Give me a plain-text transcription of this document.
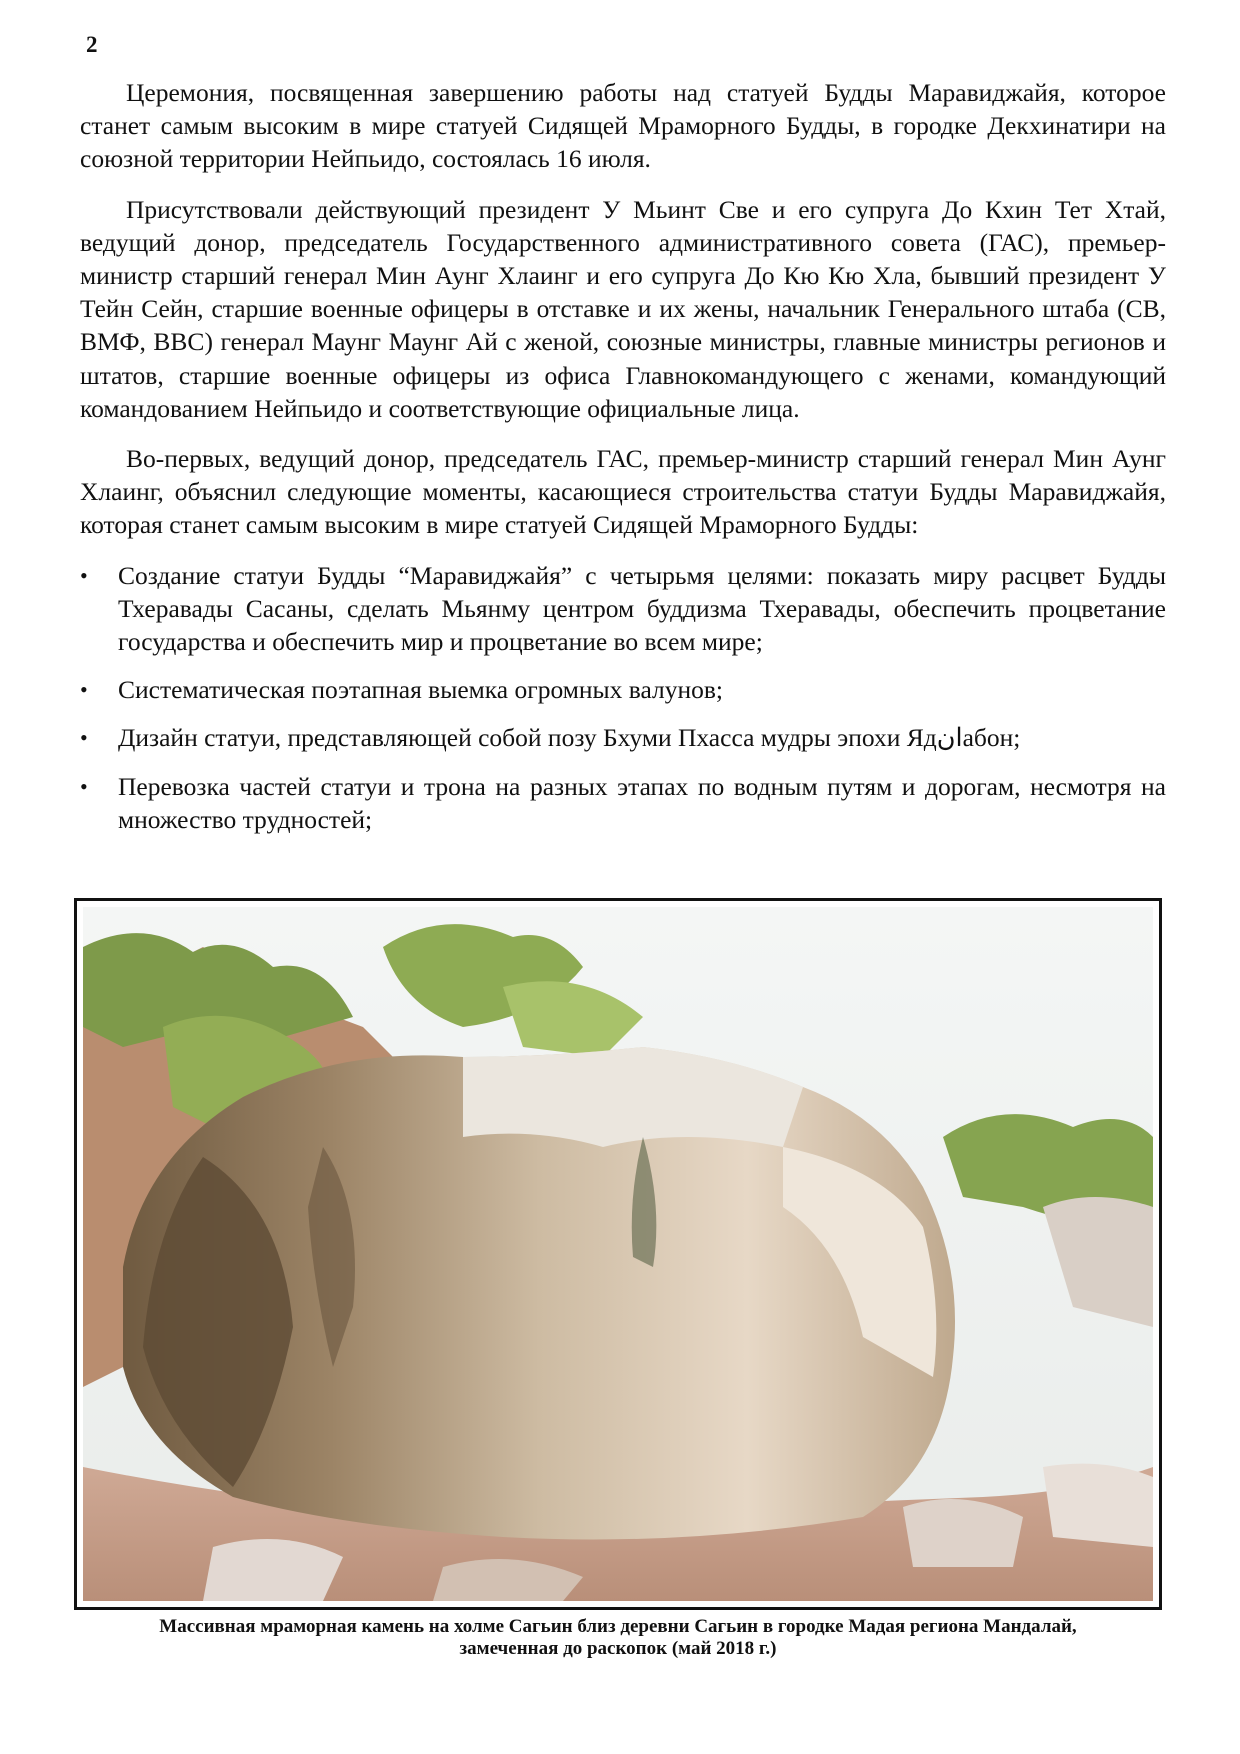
2

Церемония, посвященная завершению работы над статуей Будды Маравиджайя, которое станет самым высоким в мире статуей Сидящей Мраморного Будды, в городке Декхинатири на союзной территории Нейпьидо, состоялась 16 июля.

Присутствовали действующий президент У Мьинт Све и его супруга До Кхин Тет Хтай, ведущий донор, председатель Государственного административного совета (ГАС), премьер-министр старший генерал Мин Аунг Хлаинг и его супруга До Кю Кю Хла, бывший президент У Тейн Сейн, старшие военные офицеры в отставке и их жены, начальник Генерального штаба (СВ, ВМФ, ВВС) генерал Маунг Маунг Ай с женой, союзные министры, главные министры регионов и штатов, старшие военные офицеры из офиса Главнокомандующего с женами, командующий командованием Нейпьидо и соответствующие официальные лица.

Во-первых, ведущий донор, председатель ГАС, премьер-министр старший генерал Мин Аунг Хлаинг, объяснил следующие моменты, касающиеся строительства статуи Будды Маравиджайя, которая станет самым высоким в мире статуей Сидящей Мраморного Будды:

• Создание статуи Будды “Маравиджайя” с четырьмя целями: показать миру расцвет Будды Тхеравады Сасаны, сделать Мьянму центром буддизма Тхеравады, обеспечить процветание государства и обеспечить мир и процветание во всем мире;
• Систематическая поэтапная выемка огромных валунов;
• Дизайн статуи, представляющей собой позу Бхуми Пхасса мудры эпохи Ядانабон;
• Перевозка частей статуи и трона на разных этапах по водным путям и дорогам, несмотря на множество трудностей;
Массивная мраморная камень на холме Сагьин близ деревни Сагьин в городке Мадая региона Мандалай,
замеченная до раскопок (май 2018 г.)
